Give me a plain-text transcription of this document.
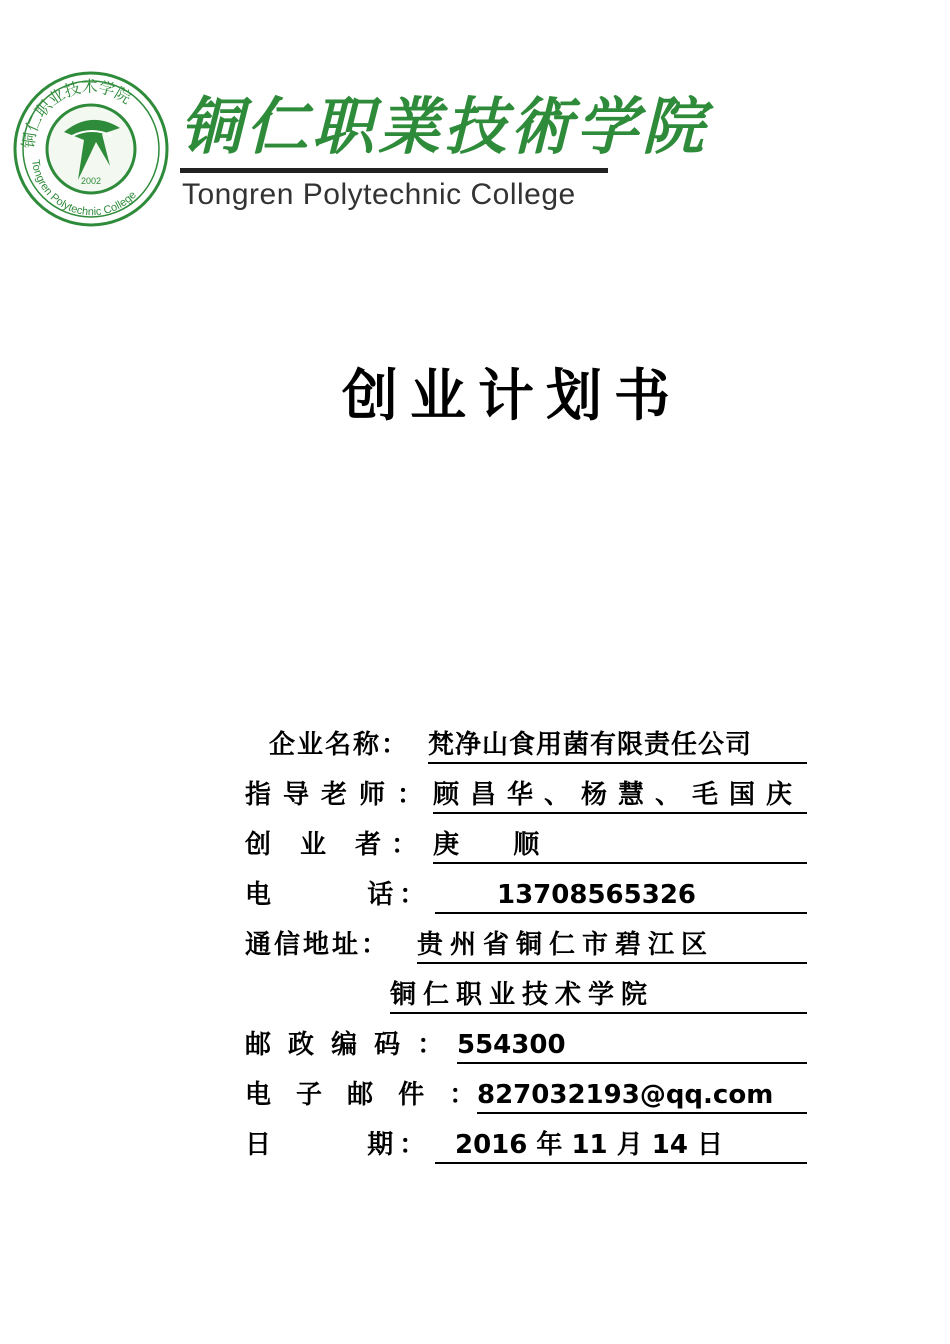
铜仁职业技术学院
Tongren Polytechnic College
2002
铜仁职業技術学院
Tongren Polytechnic College
创业计划书
企业名称： 梵净山食用菌有限责任公司
指导老师：
顾昌华、杨慧、毛国庆
创 业 者： 庚      顺
电      话：	13708565326
通信地址： 贵州省铜仁市碧江区
铜仁职业技术学院
邮 政 编 码 ： 554300
电 子 邮 件 ：
827032193@qq.com
日      期： 2016 年 11 月 14 日
